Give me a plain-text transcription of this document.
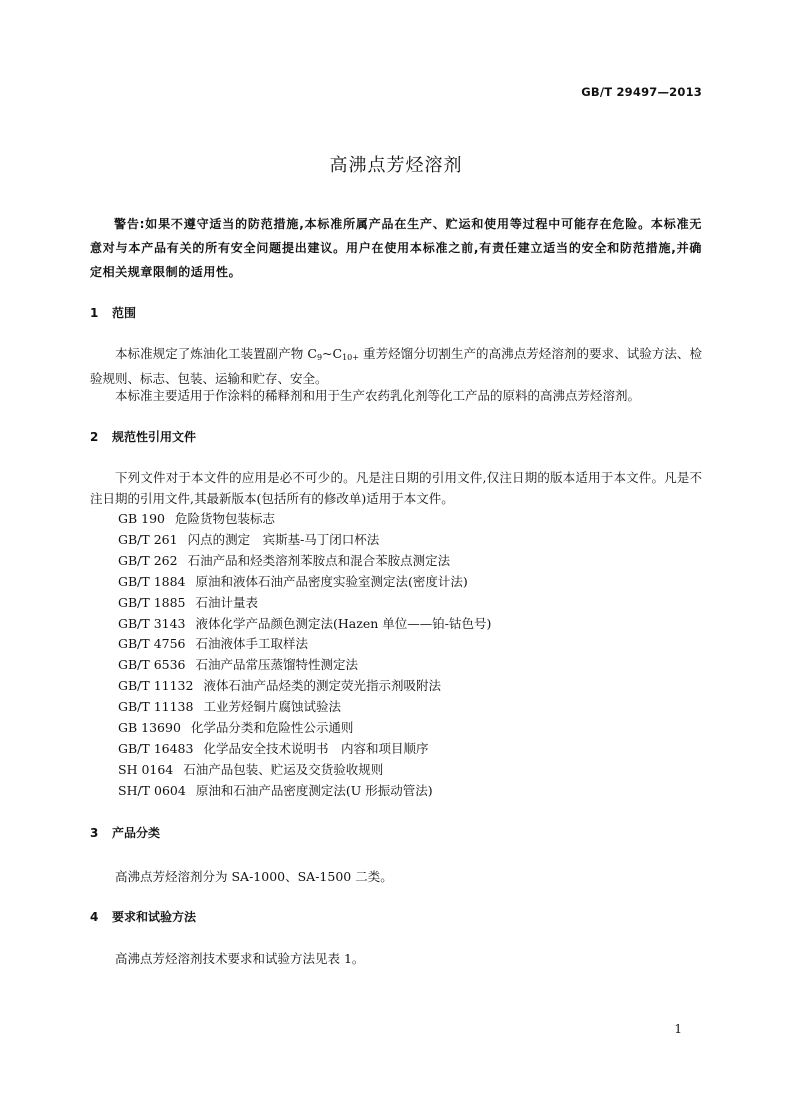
GB/T 29497—2013
高沸点芳烃溶剂
警告:如果不遵守适当的防范措施,本标准所属产品在生产、贮运和使用等过程中可能存在危险。本标准无意对与本产品有关的所有安全问题提出建议。用户在使用本标准之前,有责任建立适当的安全和防范措施,并确定相关规章限制的适用性。
1 范围
本标准规定了炼油化工装置副产物 $C_9\sim C_{10+}$ 重芳烃馏分切割生产的高沸点芳烃溶剂的要求、试验方法、检验规则、标志、包装、运输和贮存、安全。
本标准主要适用于作涂料的稀释剂和用于生产农药乳化剂等化工产品的原料的高沸点芳烃溶剂。
2 规范性引用文件
下列文件对于本文件的应用是必不可少的。凡是注日期的引用文件,仅注日期的版本适用于本文件。凡是不注日期的引用文件,其最新版本(包括所有的修改单)适用于本文件。
GB 190 危险货物包装标志
GB/T 261 闪点的测定　宾斯基-马丁闭口杯法
GB/T 262 石油产品和烃类溶剂苯胺点和混合苯胺点测定法
GB/T 1884 原油和液体石油产品密度实验室测定法(密度计法)
GB/T 1885 石油计量表
GB/T 3143 液体化学产品颜色测定法(Hazen 单位——铂-钴色号)
GB/T 4756 石油液体手工取样法
GB/T 6536 石油产品常压蒸馏特性测定法
GB/T 11132 液体石油产品烃类的测定荧光指示剂吸附法
GB/T 11138 工业芳烃铜片腐蚀试验法
GB 13690 化学品分类和危险性公示通则
GB/T 16483 化学品安全技术说明书　内容和项目顺序
SH 0164 石油产品包装、贮运及交货验收规则
SH/T 0604 原油和石油产品密度测定法(U 形振动管法)
3 产品分类
高沸点芳烃溶剂分为 SA-1000、SA-1500 二类。
4 要求和试验方法
高沸点芳烃溶剂技术要求和试验方法见表 1。
1
